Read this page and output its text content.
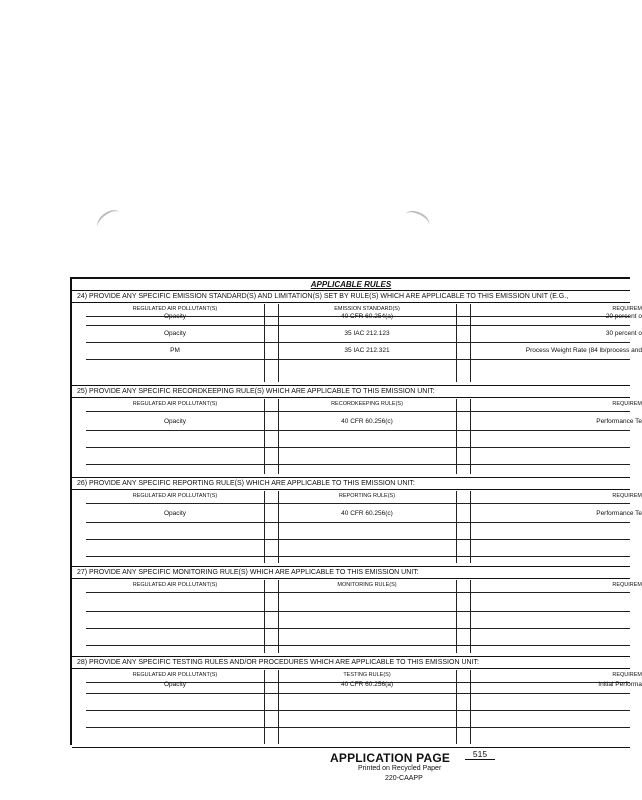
APPLICABLE RULES
24) PROVIDE ANY SPECIFIC EMISSION STANDARD(S) AND LIMITATION(S) SET BY RULE(S) WHICH ARE APPLICABLE TO THIS EMISSION UNIT (E.G.,
REGULATED AIR POLLUTANT(S)	EMISSION STANDARD(S)	REQUIREM
Opacity	40 CFR 60.254(a)	20 percent o
Opacity	35 IAC 212.123	30 percent o
PM	35 IAC 212.321	Process Weight Rate (84 lb/process and
25) PROVIDE ANY SPECIFIC RECORDKEEPING RULE(S) WHICH ARE APPLICABLE TO THIS EMISSION UNIT:
REGULATED AIR POLLUTANT(S)	RECORDKEEPING RULE(S)	REQUIREM
Opacity	40 CFR 60.256(c)	Performance Te
26) PROVIDE ANY SPECIFIC REPORTING RULE(S) WHICH ARE APPLICABLE TO THIS EMISSION UNIT:
REGULATED AIR POLLUTANT(S)	REPORTING RULE(S)	REQUIREM
Opacity	40 CFR 60.256(c)	Performance Te
27) PROVIDE ANY SPECIFIC MONITORING RULE(S) WHICH ARE APPLICABLE TO THIS EMISSION UNIT:
REGULATED AIR POLLUTANT(S)	MONITORING RULE(S)	REQUIREM
28) PROVIDE ANY SPECIFIC TESTING RULES AND/OR PROCEDURES WHICH ARE APPLICABLE TO THIS EMISSION UNIT:
REGULATED AIR POLLUTANT(S)	TESTING RULE(S)	REQUIREM
Opacity	40 CFR 60.256(a)	Initial Performa
APPLICATION PAGE	515
Printed on Recycled Paper
220-CAAPP
